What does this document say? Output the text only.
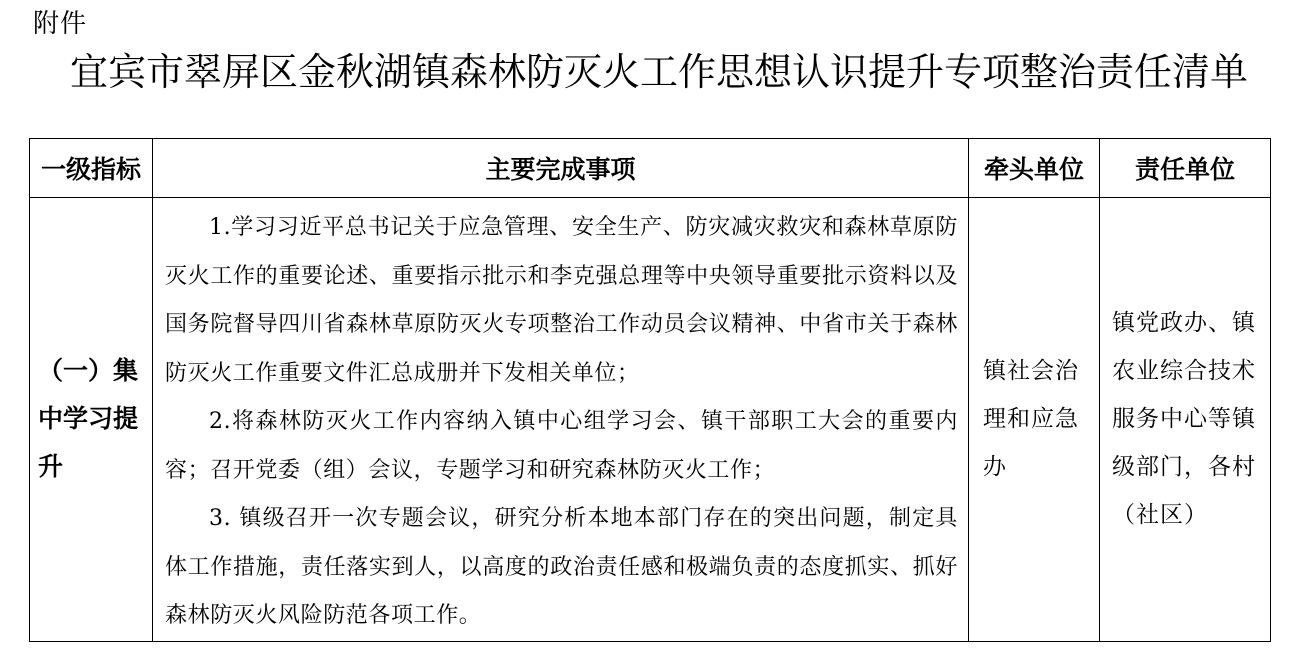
附件
宜宾市翠屏区金秋湖镇森林防灭火工作思想认识提升专项整治责任清单
一级指标	主要完成事项	牵头单位	责任单位
（一）集中学习提升	1.学习习近平总书记关于应急管理、安全生产、防灾减灾救灾和森林草原防灭火工作的重要论述、重要指示批示和李克强总理等中央领导重要批示资料以及国务院督导四川省森林草原防灭火专项整治工作动员会议精神、中省市关于森林防灭火工作重要文件汇总成册并下发相关单位；

2.将森林防灭火工作内容纳入镇中心组学习会、镇干部职工大会的重要内容；召开党委（组）会议，专题学习和研究森林防灭火工作；

3. 镇级召开一次专题会议，研究分析本地本部门存在的突出问题，制定具体工作措施，责任落实到人，以高度的政治责任感和极端负责的态度抓实、抓好森林防灭火风险防范各项工作。	镇社会治理和应急办	镇党政办、镇农业综合技术服务中心等镇级部门，各村（社区）
